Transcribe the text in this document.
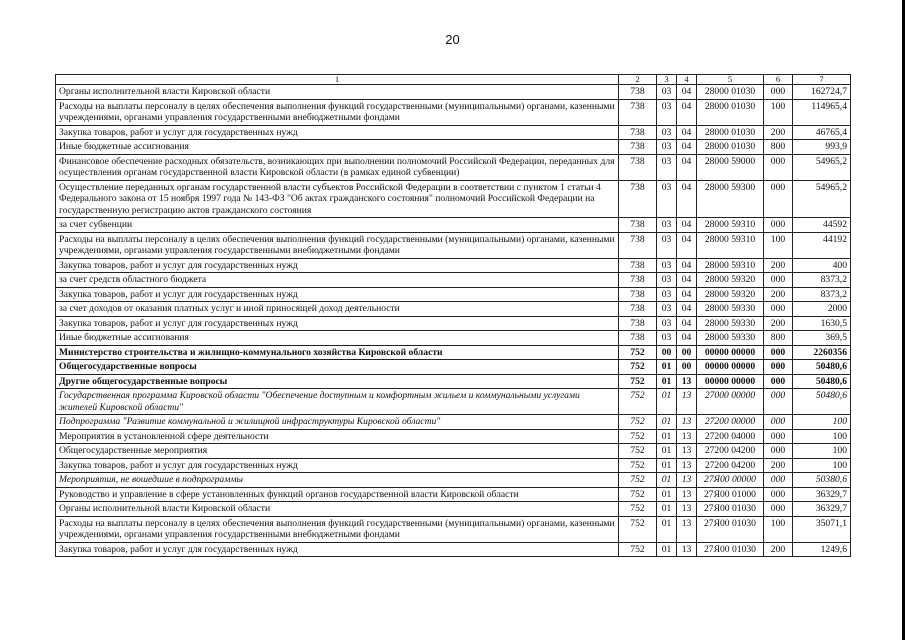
20
1	2	3	4	5	6	7
Органы исполнительной власти Кировской области	738	03	04	28000 01030	000	162724,7
Расходы на выплаты персоналу в целях обеспечения выполнения функций государственными (муниципальными) органами, казенными учреждениями, органами управления государственными внебюджетными фондами	738	03	04	28000 01030	100	114965,4
Закупка товаров, работ и услуг для государственных нужд	738	03	04	28000 01030	200	46765,4
Иные бюджетные ассигнования	738	03	04	28000 01030	800	993,9
Финансовое обеспечение расходных обязательств, возникающих при выполнении полномочий Российской Федерации, переданных для осуществления органам государственной власти Кировской области (в рамках единой субвенции)	738	03	04	28000 59000	000	54965,2
Осуществление переданных органам государственной власти субъектов Российской Федерации в соответствии с пунктом 1 статьи 4 Федерального закона от 15 ноября 1997 года № 143-ФЗ "Об актах гражданского состояния" полномочий Российской Федерации на государственную регистрацию актов гражданского состояния	738	03	04	28000 59300	000	54965,2
за счет субвенции	738	03	04	28000 59310	000	44592
Расходы на выплаты персоналу в целях обеспечения выполнения функций государственными (муниципальными) органами, казенными учреждениями, органами управления государственными внебюджетными фондами	738	03	04	28000 59310	100	44192
Закупка товаров, работ и услуг для государственных нужд	738	03	04	28000 59310	200	400
за счет средств областного бюджета	738	03	04	28000 59320	000	8373,2
Закупка товаров, работ и услуг для государственных нужд	738	03	04	28000 59320	200	8373,2
за счет доходов от оказания платных услуг и иной приносящей доход деятельности	738	03	04	28000 59330	000	2000
Закупка товаров, работ и услуг для государственных нужд	738	03	04	28000 59330	200	1630,5
Иные бюджетные ассигнования	738	03	04	28000 59330	800	369,5
Министерство строительства и жилищно-коммунального хозяйства Кировской области	752	00	00	00000 00000	000	2260356
Общегосударственные вопросы	752	01	00	00000 00000	000	50480,6
Другие общегосударственные вопросы	752	01	13	00000 00000	000	50480,6
Государственная программа Кировской области "Обеспечение доступным и комфортным жильем и коммунальными услугами жителей Кировской области"	752	01	13	27000 00000	000	50480,6
Подпрограмма "Развитие коммунальной и жилищной инфраструктуры Кировской области"	752	01	13	27200 00000	000	100
Мероприятия в установленной сфере деятельности	752	01	13	27200 04000	000	100
Общегосударственные мероприятия	752	01	13	27200 04200	000	100
Закупка товаров, работ и услуг для государственных нужд	752	01	13	27200 04200	200	100
Мероприятия, не вошедшие в подпрограммы	752	01	13	27Я00 00000	000	50380,6
Руководство и управление в сфере установленных функций органов государственной власти Кировской области	752	01	13	27Я00 01000	000	36329,7
Органы исполнительной власти Кировской области	752	01	13	27Я00 01030	000	36329,7
Расходы на выплаты персоналу в целях обеспечения выполнения функций государственными (муниципальными) органами, казенными учреждениями, органами управления государственными внебюджетными фондами	752	01	13	27Я00 01030	100	35071,1
Закупка товаров, работ и услуг для государственных нужд	752	01	13	27Я00 01030	200	1249,6
